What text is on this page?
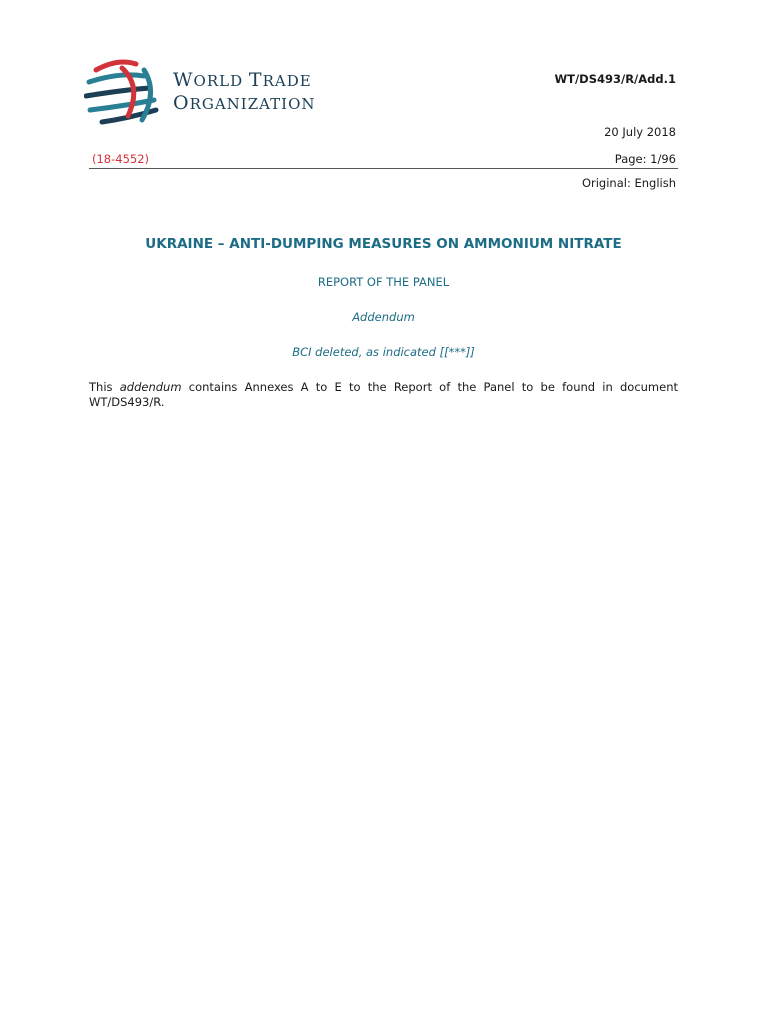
WORLD TRADE
ORGANIZATION
WT/DS493/R/Add.1
20 July 2018
(18-4552)	Page: 1/96
Original: English
UKRAINE – ANTI-DUMPING MEASURES ON AMMONIUM NITRATE
REPORT OF THE PANEL
Addendum
BCI deleted, as indicated [[***]]
This addendum contains Annexes A to E to the Report of the Panel to be found in document WT/DS493/R.
